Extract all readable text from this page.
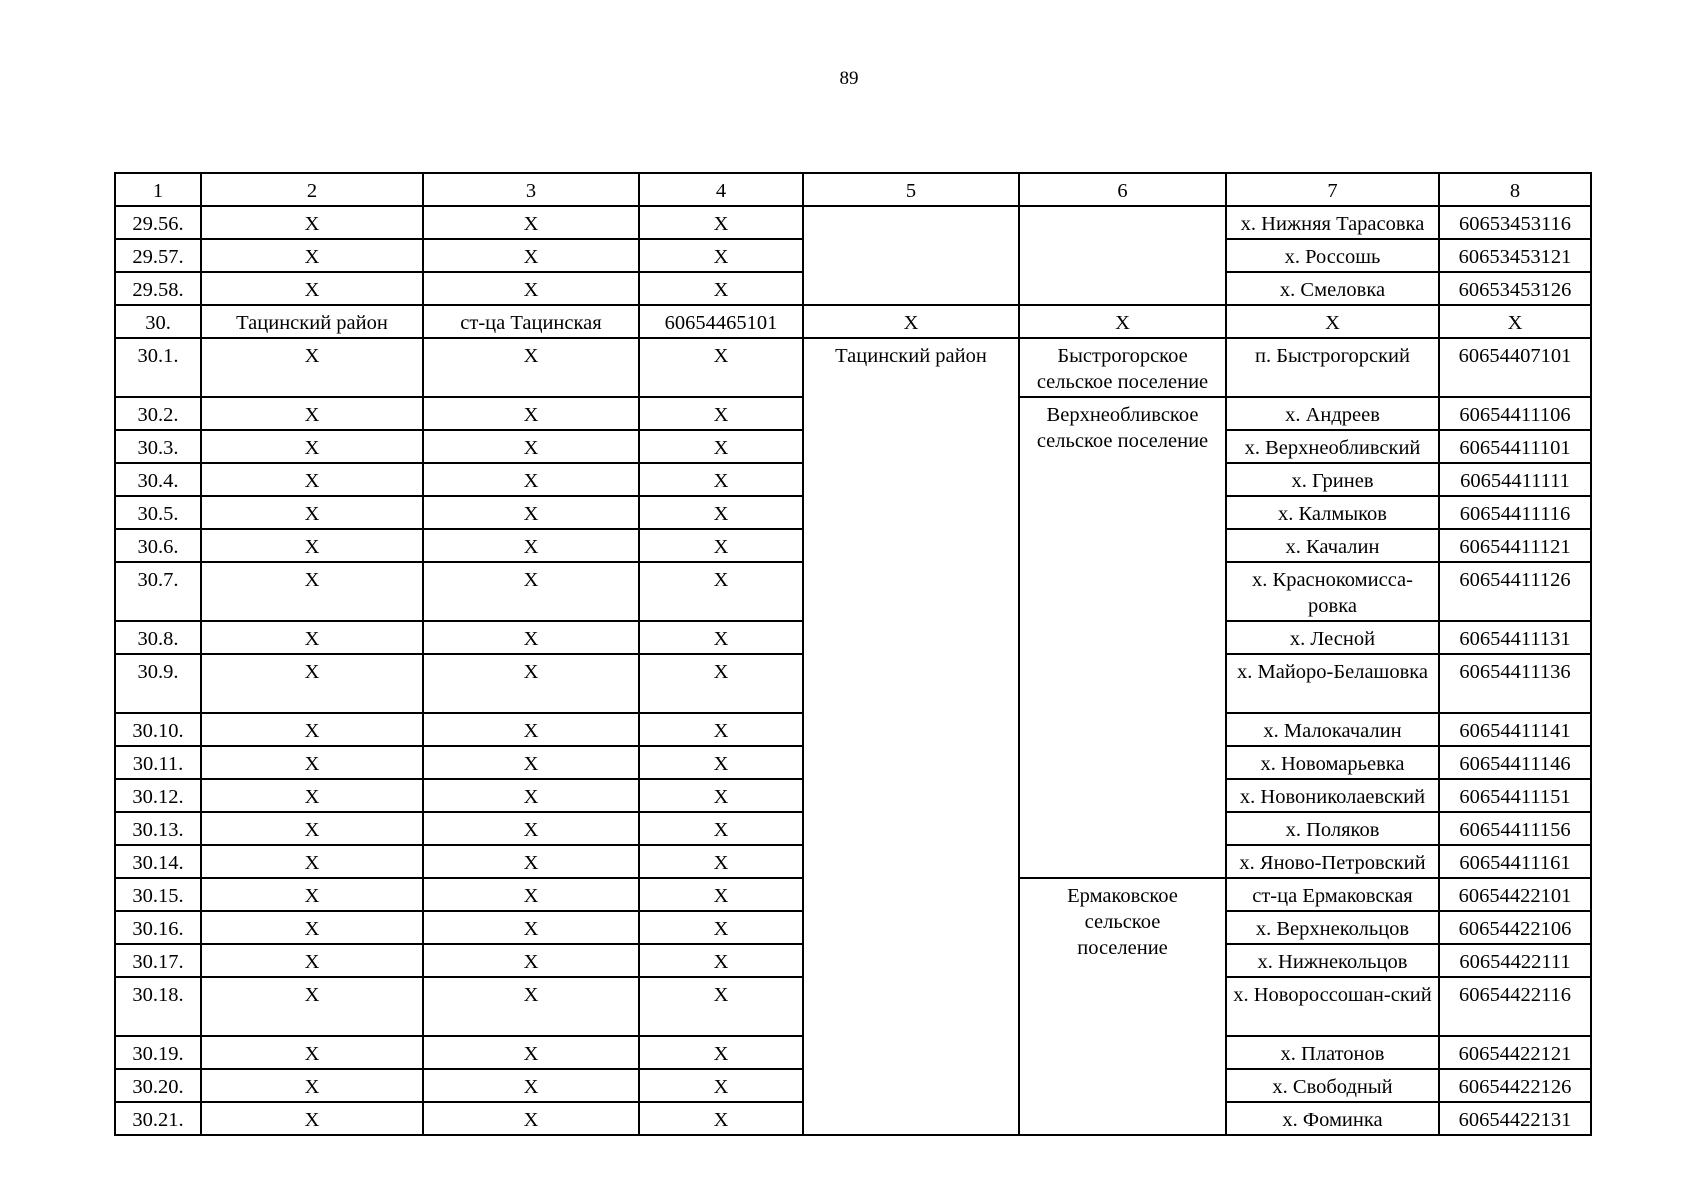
89
1	2	3	4	5	6	7	8
29.56.	Х	Х	Х			х. Нижняя Тарасовка	60653453116
29.57.	Х	Х	Х			х. Россошь	60653453121
29.58.	Х	Х	Х			х. Смеловка	60653453126
30.	Тацинский район	ст-ца Тацинская	60654465101	Х	Х	Х	Х
30.1.	Х	Х	Х	Тацинский район	Быстрогорское сельское поселение	п. Быстрогорский	60654407101
30.2.	Х	Х	Х		Верхнеобливское сельское поселение	х. Андреев	60654411106
30.3.	Х	Х	Х			х. Верхнеобливский	60654411101
30.4.	Х	Х	Х			х. Гринев	60654411111
30.5.	Х	Х	Х			х. Калмыков	60654411116
30.6.	Х	Х	Х			х. Качалин	60654411121
30.7.	Х	Х	Х			х. Краснокомисса-ровка	60654411126
30.8.	Х	Х	Х			х. Лесной	60654411131
30.9.	Х	Х	Х			х. Майоро-Белашовка	60654411136
30.10.	Х	Х	Х			х. Малокачалин	60654411141
30.11.	Х	Х	Х			х. Новомарьевка	60654411146
30.12.	Х	Х	Х			х. Новониколаевский	60654411151
30.13.	Х	Х	Х			х. Поляков	60654411156
30.14.	Х	Х	Х			х. Яново-Петровский	60654411161
30.15.	Х	Х	Х		Ермаковское сельское поселение	ст-ца Ермаковская	60654422101
30.16.	Х	Х	Х			х. Верхнекольцов	60654422106
30.17.	Х	Х	Х			х. Нижнекольцов	60654422111
30.18.	Х	Х	Х			х. Новороссошан-ский	60654422116
30.19.	Х	Х	Х			х. Платонов	60654422121
30.20.	Х	Х	Х			х. Свободный	60654422126
30.21.	Х	Х	Х			х. Фоминка	60654422131
